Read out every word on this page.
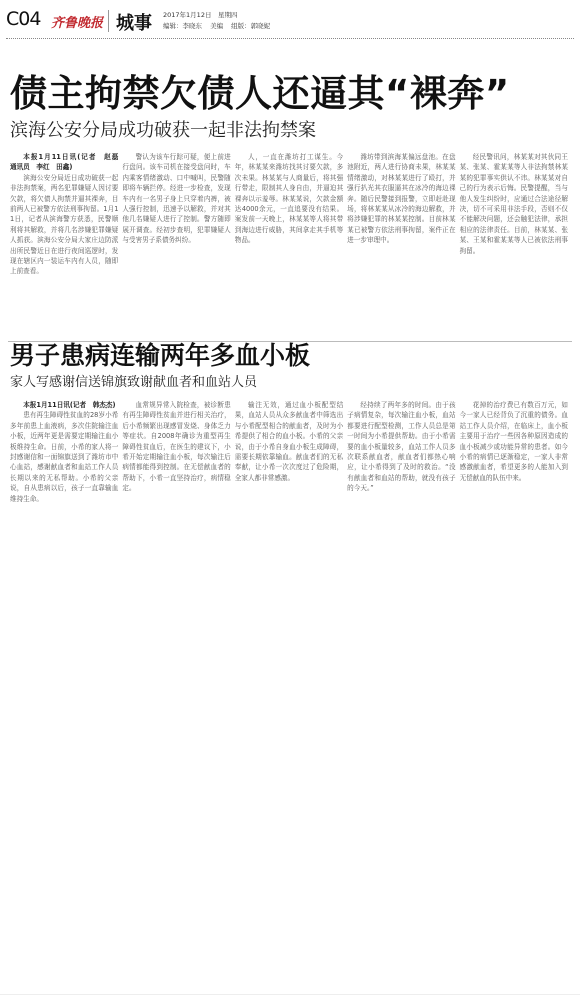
C04 齐鲁晚报 城事 2017年1月12日　星期四
编辑：李晓东 美编 组版：郭晓妮
债主拘禁欠债人还逼其“裸奔”
滨海公安分局成功破获一起非法拘禁案

本报1月11日讯(记者　赵磊　通讯员　李红　田鑫)

滨海公安分局近日成功破获一起非法拘禁案，两名犯罪嫌疑人因讨要欠款，将欠债人拘禁并逼其裸奔，目前两人已被警方依法刑事拘留。1月11日，记者从滨海警方获悉，民警顺利将其解救，并将几名涉嫌犯罪嫌疑人抓获。滨海公安分局大家庄边防派出所民警近日在进行夜间巡逻时，发现在辖区内一装运车内有人员，随即上前查看。

警认为该车行踪可疑，便上前进行盘问。该车司机在接受盘问时，车内乘客情绪激动、口中喊叫，民警随即将车辆拦停。经进一步检查，发现车内有一名男子身上只穿着内裤，被人强行控制，迅速予以解救，并对其他几名嫌疑人进行了控制。警方随即展开调查。经初步查明，犯罪嫌疑人与受害男子系债务纠纷。

人，一直在潍坊打工谋生。今年，林某某来潍坊找其讨要欠款，多次未果。林某某与人商量后，将其强行带走，限制其人身自由，并逼迫其裸奔以示羞辱。林某某说，欠款金额达4000余元，一直追要没有结果。案发前一天晚上，林某某等人将其带到海边进行威胁，其间拿走其手机等物品。

潍坊带到滨海某偏远盘池。在盘池附近，两人进行协商未果，林某某情绪激动，对林某某进行了殴打，并强行扒光其衣服逼其在冰冷的海边裸奔。随后民警接到报警，立即赶赴现场，将林某某从冰冷的海边解救，并将涉嫌犯罪的林某某控制。目前林某某已被警方依法刑事拘留，案件正在进一步审理中。

经民警讯问，林某某对其伙同王某、张某、霍某某等人非法拘禁林某某的犯罪事实供认不讳。林某某对自己的行为表示后悔。民警提醒，当与他人发生纠纷时，应通过合法途径解决，切不可采用非法手段，否则不仅不能解决问题，还会触犯法律，承担相应的法律责任。目前，林某某、张某、王某和霍某某等人已被依法刑事拘留。

男子患病连输两年多血小板
家人写感谢信送锦旗致谢献血者和血站人员

本报1月11日讯(记者　韩杰杰)

患有再生障碍性贫血的28岁小希多年前患上血液病，多次住院输注血小板，近两年更是需要定期输注血小板维持生命。日前，小希的家人将一封感谢信和一面锦旗送到了潍坊市中心血站，感谢献血者和血站工作人员长期以来的无私帮助。小希的父亲说，自从患病以后，孩子一直靠输血维持生命。

血常规异常入院检查，被诊断患有再生障碍性贫血并进行相关治疗，后小希频繁出现感冒发烧、身体乏力等症状。自2008年确诊为重型再生障碍性贫血后，在医生的建议下，小希开始定期输注血小板，每次输注后病情都能得到控制。在无偿献血者的帮助下，小希一直坚持治疗，病情稳定。

输注无效，通过血小板配型结果，血站人员从众多献血者中筛选出与小希配型相合的献血者，及时为小希提供了相合的血小板。小希的父亲说，由于小希自身血小板生成障碍，需要长期依靠输血。献血者们的无私奉献，让小希一次次度过了危险期，全家人都非常感激。

经持续了两年多的时间。由于孩子病情复杂，每次输注血小板，血站都要进行配型检测，工作人员总是第一时间为小希提供帮助。由于小希需要的血小板量较多，血站工作人员多次联系献血者，献血者们都热心响应，让小希得到了及时的救治。“没有献血者和血站的帮助，就没有孩子的今天。”

花掉的治疗费已有数百万元，如今一家人已经背负了沉重的债务。血站工作人员介绍，在临床上，血小板主要用于治疗一些因各种原因造成的血小板减少或功能异常的患者。如今小希的病情已逐渐稳定，一家人非常感激献血者，希望更多的人能加入到无偿献血的队伍中来。
